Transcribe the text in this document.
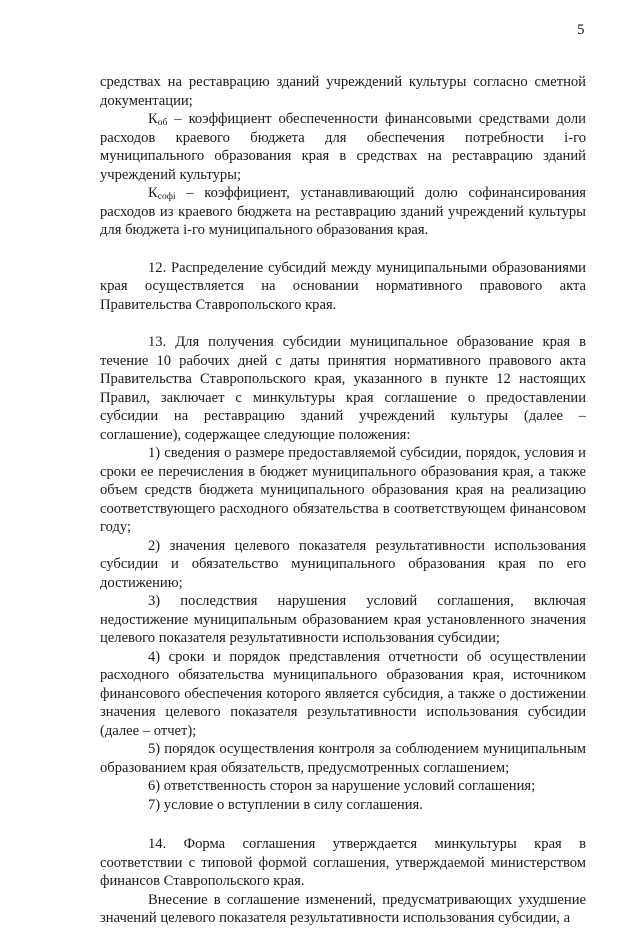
5

средствах на реставрацию зданий учреждений культуры согласно сметной документации;

$К_{об}$ – коэффициент обеспеченности финансовыми средствами доли расходов краевого бюджета для обеспечения потребности i-го муниципального образования края в средствах на реставрацию зданий учреждений культуры;

$К_{софі}$ – коэффициент, устанавливающий долю софинансирования расходов из краевого бюджета на реставрацию зданий учреждений культуры для бюджета i-го муниципального образования края.

12. Распределение субсидий между муниципальными образованиями края осуществляется на основании нормативного правового акта Правительства Ставропольского края.

13. Для получения субсидии муниципальное образование края в течение 10 рабочих дней с даты принятия нормативного правового акта Правительства Ставропольского края, указанного в пункте 12 настоящих Правил, заключает с минкультуры края соглашение о предоставлении субсидии на реставрацию зданий учреждений культуры (далее – соглашение), содержащее следующие положения:

1) сведения о размере предоставляемой субсидии, порядок, условия и сроки ее перечисления в бюджет муниципального образования края, а также объем средств бюджета муниципального образования края на реализацию соответствующего расходного обязательства в соответствующем финансовом году;

2) значения целевого показателя результативности использования субсидии и обязательство муниципального образования края по его достижению;

3) последствия нарушения условий соглашения, включая недостижение муниципальным образованием края установленного значения целевого показателя результативности использования субсидии;

4) сроки и порядок представления отчетности об осуществлении расходного обязательства муниципального образования края, источником финансового обеспечения которого является субсидия, а также о достижении значения целевого показателя результативности использования субсидии (далее – отчет);

5) порядок осуществления контроля за соблюдением муниципальным образованием края обязательств, предусмотренных соглашением;

6) ответственность сторон за нарушение условий соглашения;

7) условие о вступлении в силу соглашения.

14. Форма соглашения утверждается минкультуры края в соответствии с типовой формой соглашения, утверждаемой министерством финансов Ставропольского края.

Внесение в соглашение изменений, предусматривающих ухудшение значений целевого показателя результативности использования субсидии, а
